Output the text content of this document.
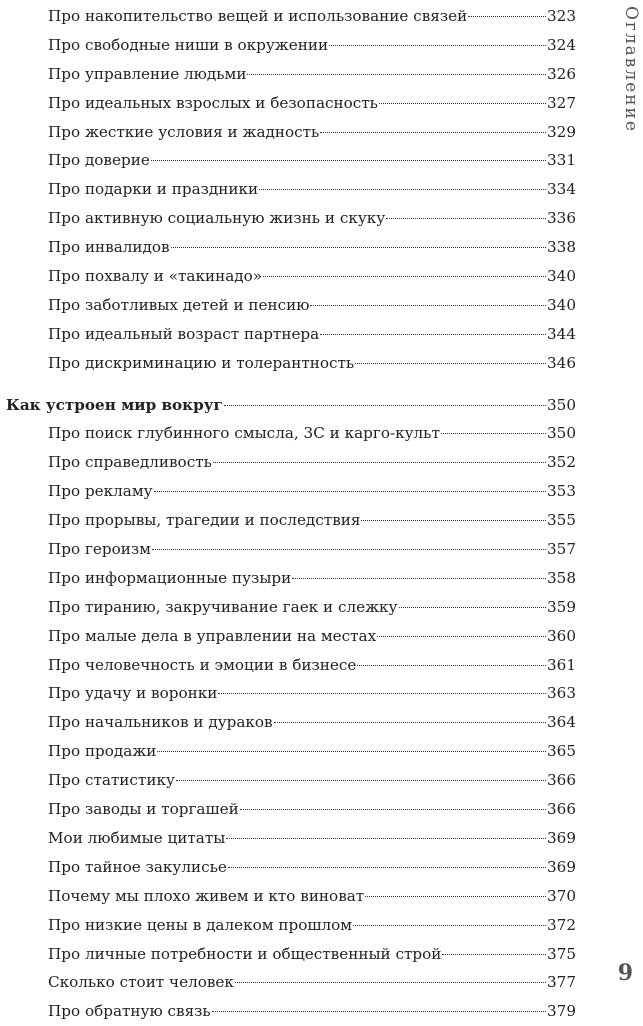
Про накопительство вещей и использование связей	323
Про свободные ниши в окружении	324
Про управление людьми	326
Про идеальных взрослых и безопасность	327
Про жесткие условия и жадность	329
Про доверие	331
Про подарки и праздники	334
Про активную социальную жизнь и скуку	336
Про инвалидов	338
Про похвалу и «такинадо»	340
Про заботливых детей и пенсию	340
Про идеальный возраст партнера	344
Про дискриминацию и толерантность	346
Как устроен мир вокруг	350
Про поиск глубинного смысла, 3С и карго-культ	350
Про справедливость	352
Про рекламу	353
Про прорывы, трагедии и последствия	355
Про героизм	357
Про информационные пузыри	358
Про тиранию, закручивание гаек и слежку	359
Про малые дела в управлении на местах	360
Про человечность и эмоции в бизнесе	361
Про удачу и воронки	363
Про начальников и дураков	364
Про продажи	365
Про статистику	366
Про заводы и торгашей	366
Мои любимые цитаты	369
Про тайное закулисье	369
Почему мы плохо живем и кто виноват	370
Про низкие цены в далеком прошлом	372
Про личные потребности и общественный строй	375
Сколько стоит человек	377
Про обратную связь	379
Оглавление
9
